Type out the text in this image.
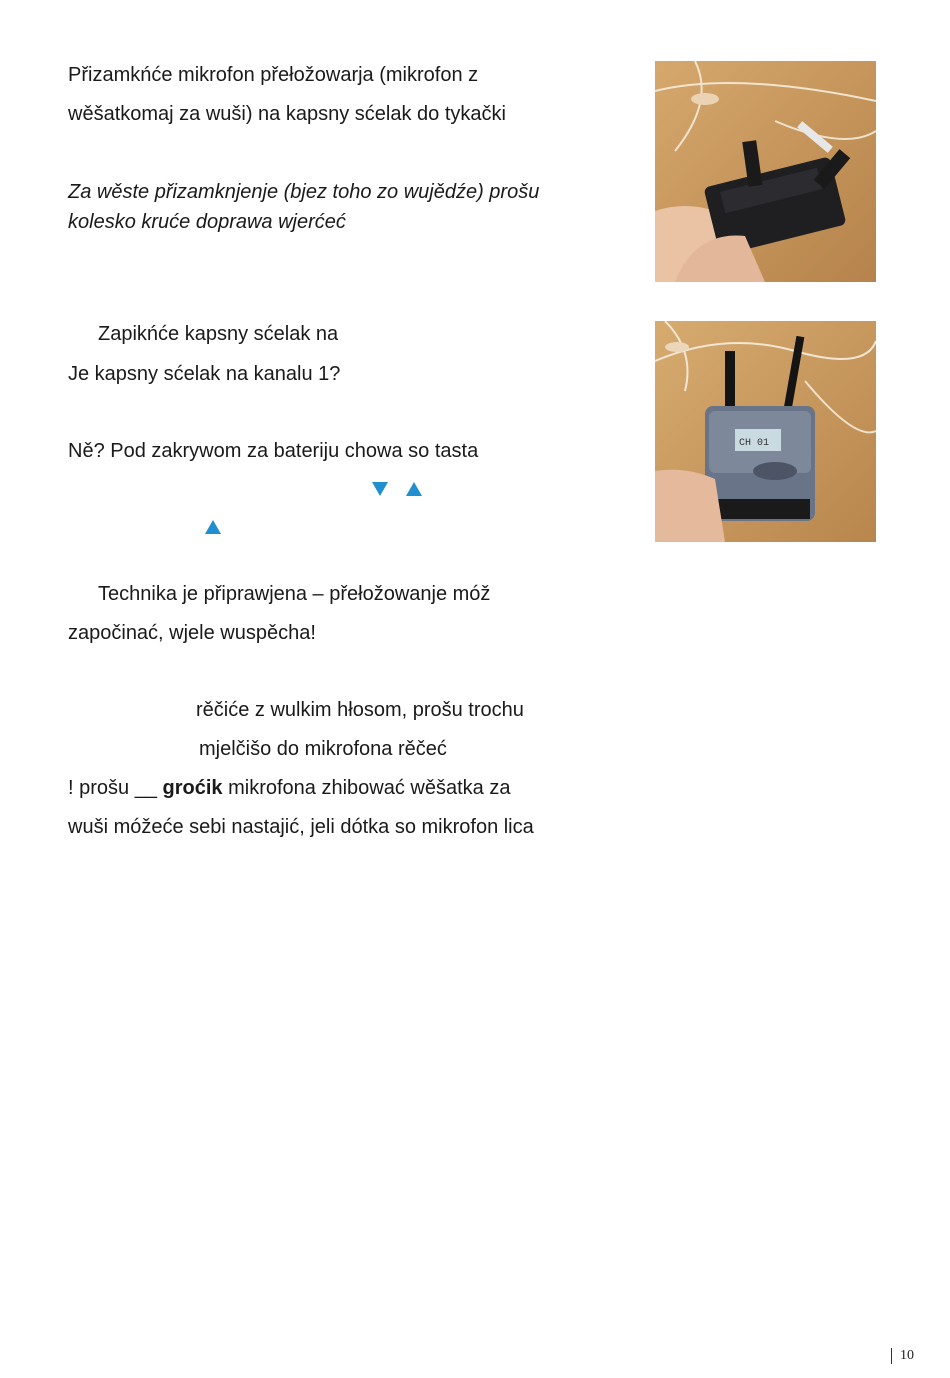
Přizamkńće mikrofon přełožowarja (mikrofon z
wěšatkomaj za wuši) na kapsny sćelak do tykački
Za wěste přizamknjenje (bjez toho zo wujědźe) prošu
kolesko kruće doprawa wjerćeć
Zapikńće kapsny sćelak na
Je kapsny sćelak na kanalu 1?
Ně? Pod zakrywom za bateriju chowa so tasta
Technika je připrawjena – přełožowanje móž
započinać, wjele wuspěcha!
rěčiće z wulkim hłosom, prošu trochu
mjelčišo do mikrofona rěčeć
! prošu __ grоćik mikrofona zhibować wěšatka za
wuši móžeće sebi nastajić, jeli dótka so mikrofon lica
CH 01
10
